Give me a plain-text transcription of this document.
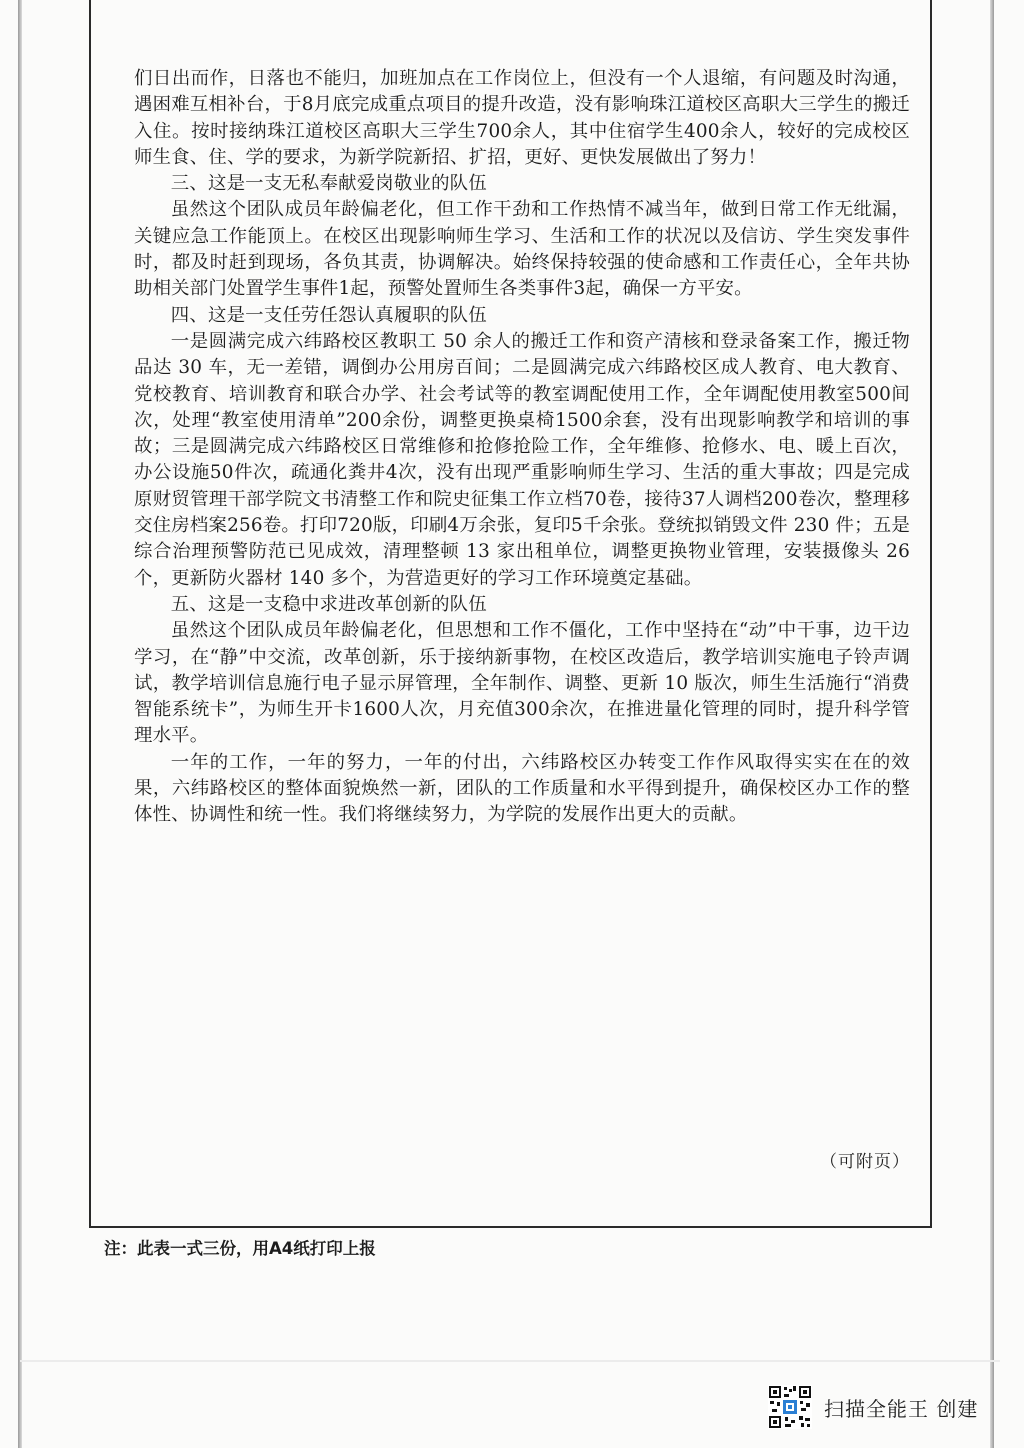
们日出而作，日落也不能归，加班加点在工作岗位上，但没有一个人退缩，有问题及时沟通，遇困难互相补台，于8月底完成重点项目的提升改造，没有影响珠江道校区高职大三学生的搬迁入住。按时接纳珠江道校区高职大三学生700余人，其中住宿学生400余人，较好的完成校区师生食、住、学的要求，为新学院新招、扩招，更好、更快发展做出了努力！

三、这是一支无私奉献爱岗敬业的队伍

虽然这个团队成员年龄偏老化，但工作干劲和工作热情不减当年，做到日常工作无纰漏，关键应急工作能顶上。在校区出现影响师生学习、生活和工作的状况以及信访、学生突发事件时，都及时赶到现场，各负其责，协调解决。始终保持较强的使命感和工作责任心，全年共协助相关部门处置学生事件1起，预警处置师生各类事件3起，确保一方平安。

四、这是一支任劳任怨认真履职的队伍

一是圆满完成六纬路校区教职工 50 余人的搬迁工作和资产清核和登录备案工作，搬迁物品达 30 车，无一差错，调倒办公用房百间；二是圆满完成六纬路校区成人教育、电大教育、党校教育、培训教育和联合办学、社会考试等的教室调配使用工作，全年调配使用教室500间次，处理“教室使用清单”200余份，调整更换桌椅1500余套，没有出现影响教学和培训的事故；三是圆满完成六纬路校区日常维修和抢修抢险工作，全年维修、抢修水、电、暖上百次，办公设施50件次，疏通化粪井4次，没有出现严重影响师生学习、生活的重大事故；四是完成原财贸管理干部学院文书清整工作和院史征集工作立档70卷，接待37人调档200卷次，整理移交住房档案256卷。打印720版，印刷4万余张，复印5千余张。登统拟销毁文件 230 件；五是综合治理预警防范已见成效，清理整顿 13 家出租单位，调整更换物业管理，安装摄像头 26 个，更新防火器材 140 多个，为营造更好的学习工作环境奠定基础。

五、这是一支稳中求进改革创新的队伍

虽然这个团队成员年龄偏老化，但思想和工作不僵化，工作中坚持在“动”中干事，边干边学习，在“静”中交流，改革创新，乐于接纳新事物，在校区改造后，教学培训实施电子铃声调试，教学培训信息施行电子显示屏管理，全年制作、调整、更新 10 版次，师生生活施行“消费智能系统卡”，为师生开卡1600人次，月充值300余次，在推进量化管理的同时，提升科学管理水平。

一年的工作，一年的努力，一年的付出，六纬路校区办转变工作作风取得实实在在的效果，六纬路校区的整体面貌焕然一新，团队的工作质量和水平得到提升，确保校区办工作的整体性、协调性和统一性。我们将继续努力，为学院的发展作出更大的贡献。

（可附页）
注：此表一式三份，用A4纸打印上报
扫描全能王 创建
